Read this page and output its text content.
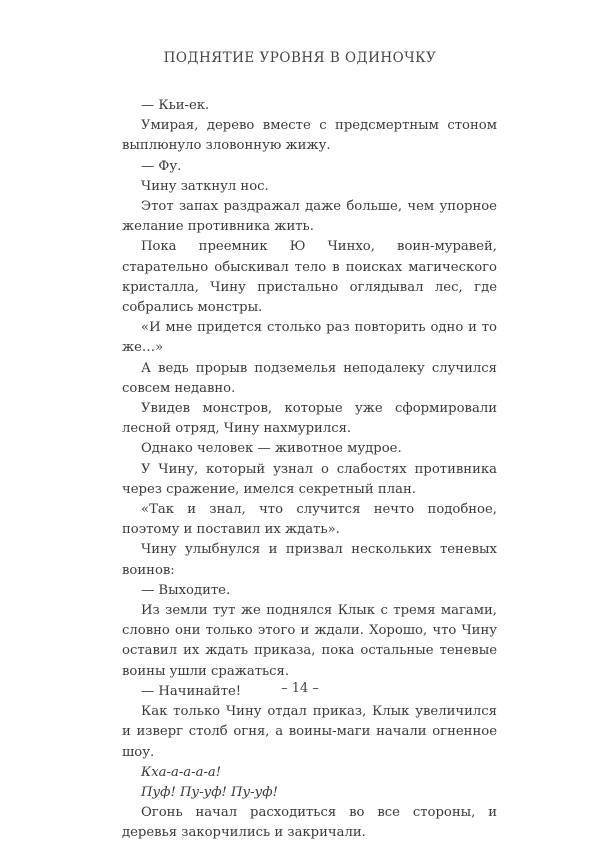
ПОДНЯТИЕ УРОВНЯ В ОДИНОЧКУ

— Кьи-ек.

Умирая, дерево вместе с предсмертным стоном выплюнуло зловонную жижу.

— Фу.

Чину заткнул нос.

Этот запах раздражал даже больше, чем упорное желание противника жить.

Пока преемник Ю Чинхо, воин-муравей, старательно обыскивал тело в поисках магического кристалла, Чину пристально оглядывал лес, где собрались монстры.

«И мне придется столько раз повторить одно и то же…»

А ведь прорыв подземелья неподалеку случился совсем недавно.

Увидев монстров, которые уже сформировали лесной отряд, Чину нахмурился.

Однако человек — животное мудрое.

У Чину, который узнал о слабостях противника через сражение, имелся секретный план.

«Так и знал, что случится нечто подобное, поэтому и поставил их ждать».

Чину улыбнулся и призвал нескольких теневых воинов:

— Выходите.

Из земли тут же поднялся Клык с тремя магами, словно они только этого и ждали. Хорошо, что Чину оставил их ждать приказа, пока остальные теневые воины ушли сражаться.

— Начинайте!

Как только Чину отдал приказ, Клык увеличился и изверг столб огня, а воины-маги начали огненное шоу.

Кха-а-а-а-а!

Пуф! Пу-уф! Пу-уф!

Огонь начал расходиться во все стороны, и деревья закорчились и закричали.

– 14 –
